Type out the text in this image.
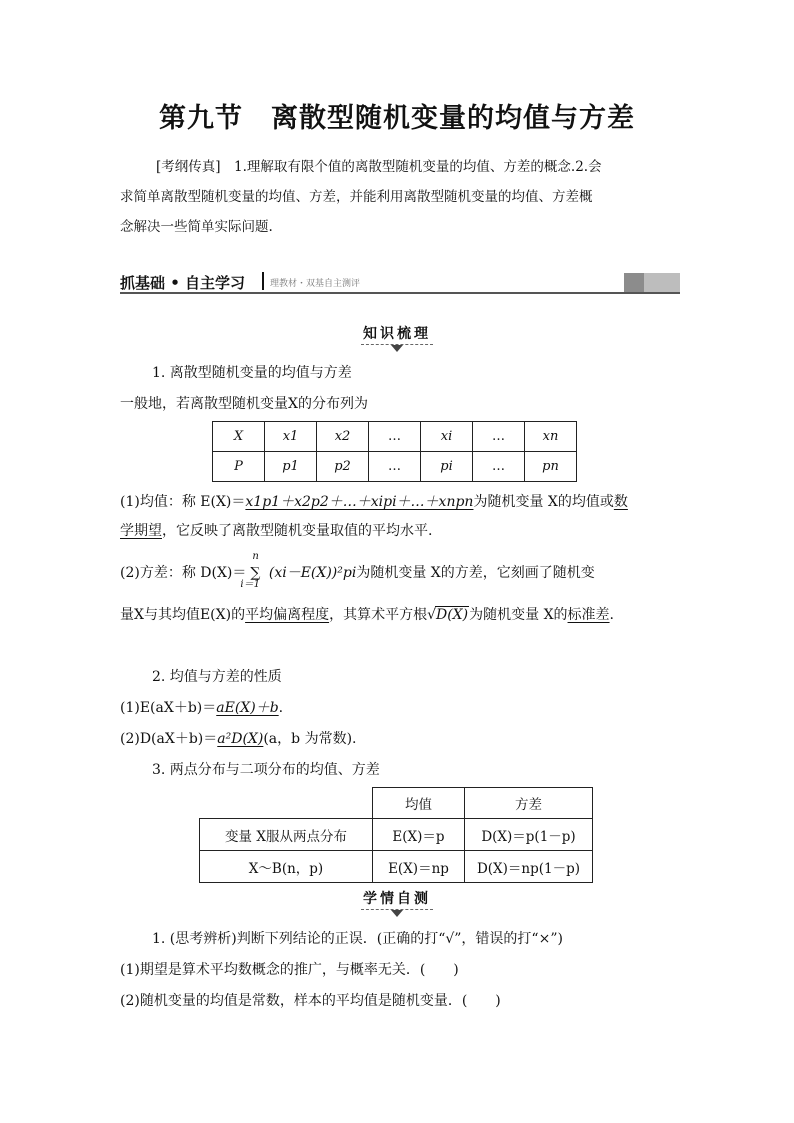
第九节　离散型随机变量的均值与方差
[考纲传真]　1.理解取有限个值的离散型随机变量的均值、方差的概念.2.会
求简单离散型随机变量的均值、方差，并能利用离散型随机变量的均值、方差概
念解决一些简单实际问题.
抓基础 • 自主学习	理教材・双基自主测评
知识梳理
1. 离散型随机变量的均值与方差
一般地，若离散型随机变量X的分布列为
X	x1	x2	…	xi	…	xn
P	p1	p2	…	pi	…	pn
(1)均值：称 E(X)＝x1p1＋x2p2＋…＋xipi＋…＋xnpn为随机变量 X的均值或数
学期望，它反映了离散型随机变量取值的平均水平.
(2)方差：称 D(X)＝
n
∑
i＝1
(xi－E(X))²pi为随机变量 X的方差，它刻画了随机变
量X与其均值E(X)的平均偏离程度，其算术平方根√D(X)为随机变量 X的标准差.
2. 均值与方差的性质
(1)E(aX＋b)＝aE(X)＋b.
(2)D(aX＋b)＝a²D(X)(a，b 为常数).
3. 两点分布与二项分布的均值、方差
	均值	方差
变量 X服从两点分布	E(X)＝p	D(X)＝p(1－p)
X～B(n，p)	E(X)＝np	D(X)＝np(1－p)
学情自测
1. (思考辨析)判断下列结论的正误．(正确的打“√”，错误的打“×”)
(1)期望是算术平均数概念的推广，与概率无关．(　　)
(2)随机变量的均值是常数，样本的平均值是随机变量．(　　)
